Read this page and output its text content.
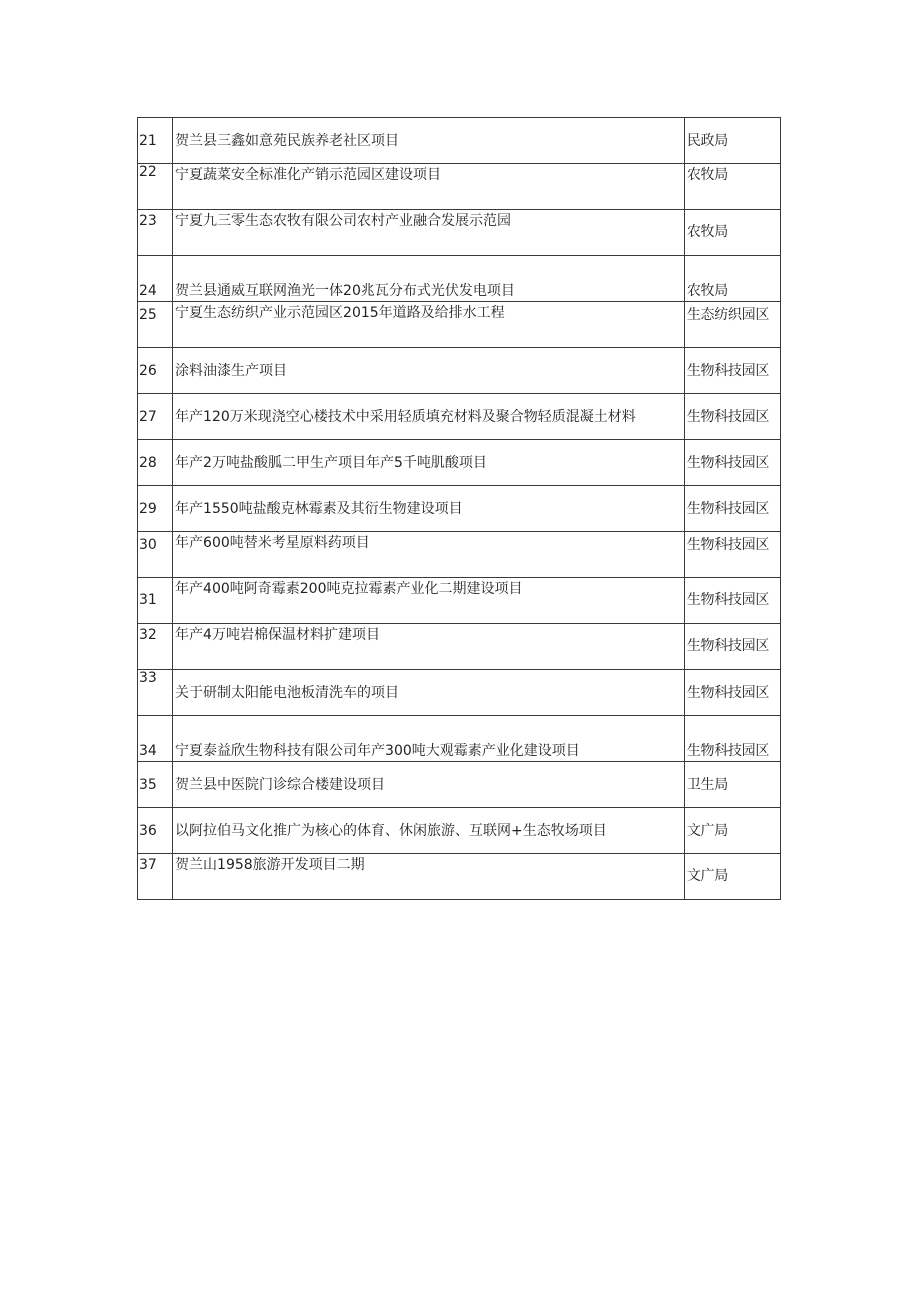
21	贺兰县三鑫如意苑民族养老社区项目	民政局
22	宁夏蔬菜安全标准化产销示范园区建设项目	农牧局
23	宁夏九三零生态农牧有限公司农村产业融合发展示范园	农牧局
24	贺兰县通威互联网渔光一体20兆瓦分布式光伏发电项目	农牧局
25	宁夏生态纺织产业示范园区2015年道路及给排水工程	生态纺织园区
26	涂料油漆生产项目	生物科技园区
27	年产120万米现浇空心楼技术中采用轻质填充材料及聚合物轻质混凝土材料	生物科技园区
28	年产2万吨盐酸胍二甲生产项目年产5千吨肌酸项目	生物科技园区
29	年产1550吨盐酸克林霉素及其衍生物建设项目	生物科技园区
30	年产600吨替米考星原料药项目	生物科技园区
31	年产400吨阿奇霉素200吨克拉霉素产业化二期建设项目	生物科技园区
32	年产4万吨岩棉保温材料扩建项目	生物科技园区
33	关于研制太阳能电池板清洗车的项目	生物科技园区
34	宁夏泰益欣生物科技有限公司年产300吨大观霉素产业化建设项目	生物科技园区
35	贺兰县中医院门诊综合楼建设项目	卫生局
36	以阿拉伯马文化推广为核心的体育、休闲旅游、互联网+生态牧场项目	文广局
37	贺兰山1958旅游开发项目二期	文广局
